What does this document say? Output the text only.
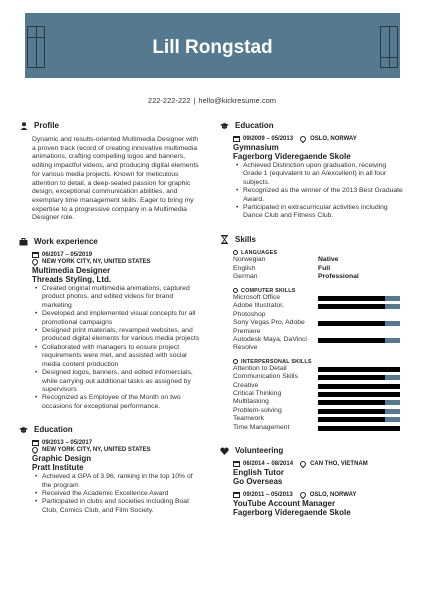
Lill Rongstad
222-222-222 | hello@kickresume.com
Profile
Dynamic and results-oriented Multimedia Designer with a proven track record of creating innovative multimedia animations, crafting compelling logos and banners, editing impactful videos, and producing digital elements for various media projects. Known for meticulous attention to detail, a deep-seated passion for graphic design, exceptional communication abilities, and exemplary time management skills. Eager to bring my expertise to a progressive company in a Multimedia Designer role.
Work experience
06/2017 – 05/2019
NEW YORK CITY, NY, UNITED STATES
Multimedia Designer
Threads Styling, Ltd.
• Created original multimedia animations, captured product photos, and edited videos for brand marketing
• Developed and implemented visual concepts for all promotional campaigns
• Designed print materials, revamped websites, and produced digital elements for various media projects
• Collaborated with managers to ensure project requirements were met, and assisted with social media content production
• Designed logos, banners, and edited infomercials, while carrying out additional tasks as assigned by supervisors
• Recognized as Employee of the Month on two occasions for exceptional performance.
Education
09/2013 – 05/2017
NEW YORK CITY, NY, UNITED STATES
Graphic Design
Pratt Institute
• Achieved a GPA of 3.96, ranking in the top 10% of the program
• Received the Academic Excellence Award
• Participated in clubs and societies including Boat Club, Comics Club, and Film Society.
Education
09/2009 – 05/2013	OSLO, NORWAY
Gymnasium
Fagerborg Videregaende Skole
• Achieved Distinction upon graduation, receiving Grade 1 (equivalent to an A/excellent) in all four subjects.
• Recognized as the winner of the 2013 Best Graduate Award.
• Participated in extracurricular activities including Dance Club and Fitness Club.
Skills
LANGUAGES
Norwegian	Native
English	Full
German	Professional
COMPUTER SKILLS
Microsoft Office
Adobe Illustrator, Photoshop
Sony Vegas Pro, Adobe Premiere
Autodesk Maya, DaVinci Resolve
INTERPERSONAL SKILLS
Attention to Detail
Communication Skills
Creative
Critical Thinking
Multitasking
Problem-solving
Teamwork
Time Management
Volunteering
06/2014 – 08/2014	CAN THO, VIETNAM
English Tutor
Go Overseas
09/2011 – 05/2013	OSLO, NORWAY
YouTube Account Manager
Fagerborg Videregaende Skole
